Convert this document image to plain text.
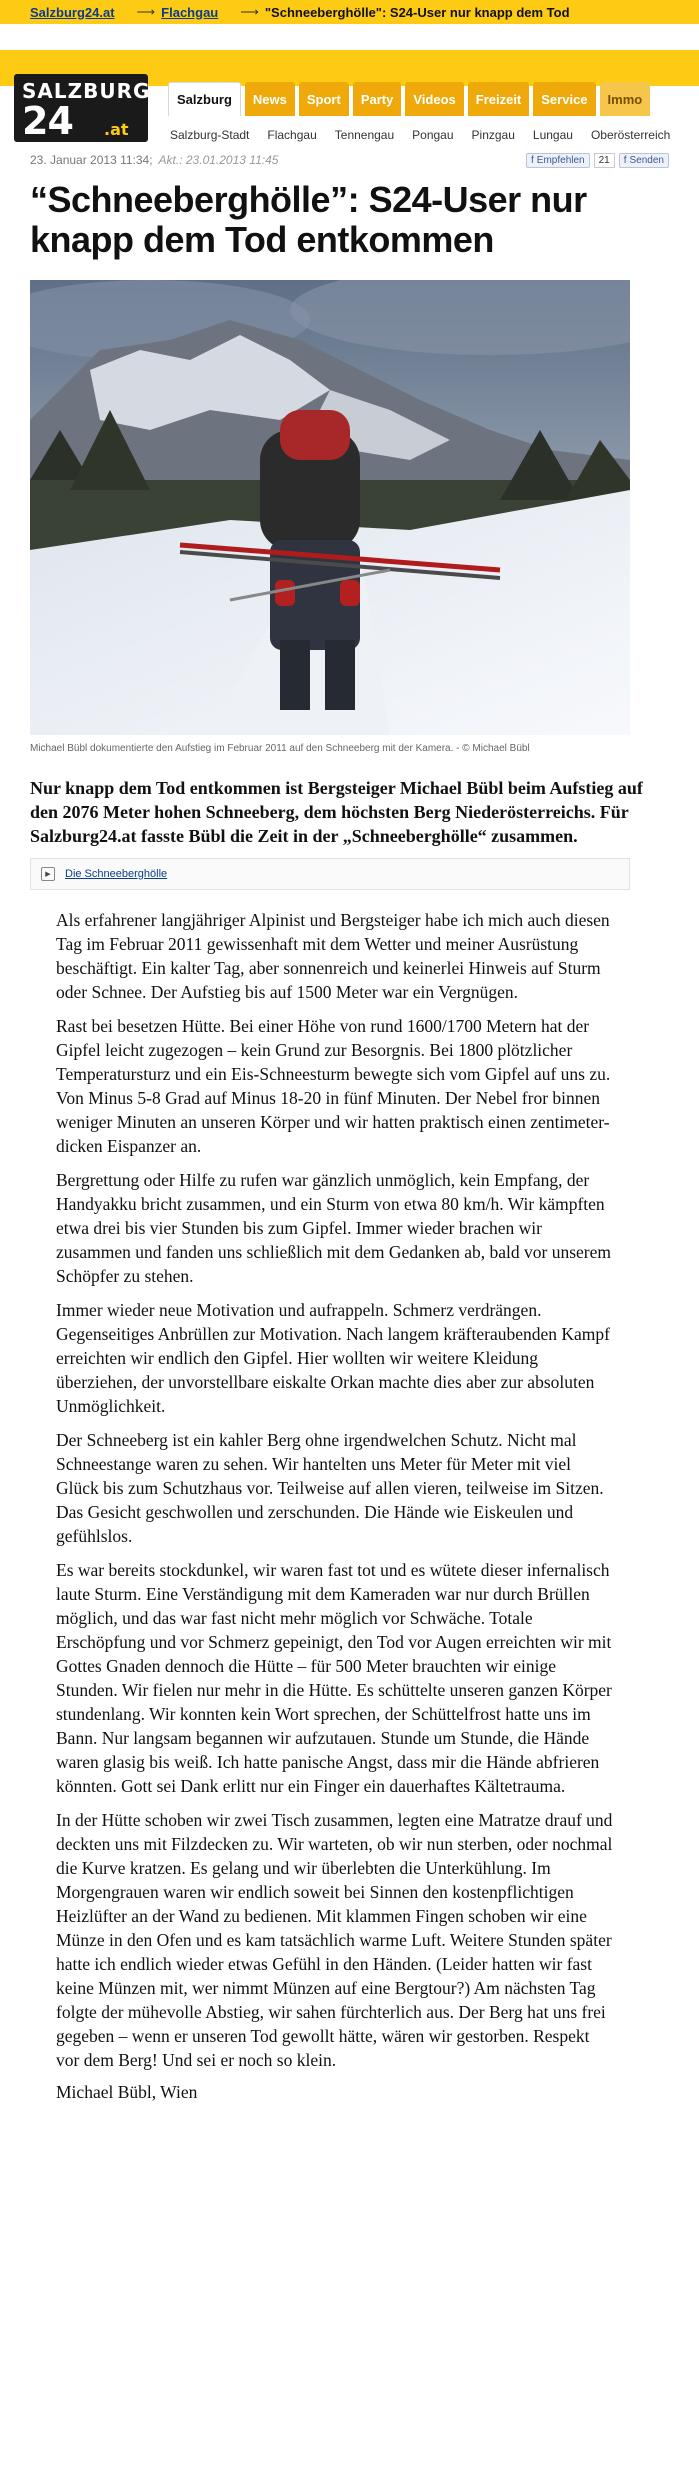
Salzburg24.at ⟶ Flachgau ⟶ "Schneeberghölle": S24-User nur knapp dem Tod
SALZBURG
24 .at
Salzburg	News	Sport	Party	Videos	Freizeit	Service	Immo
Salzburg-Stadt Flachgau Tennengau Pongau Pinzgau Lungau Oberösterreich
23. Januar 2013 11:34; Akt.: 23.01.2013 11:45	f Empfehlen	21	f Senden
“Schneeberghölle”: S24-User nur knapp dem Tod entkommen
Michael Bübl dokumentierte den Aufstieg im Februar 2011 auf den Schneeberg mit der Kamera. - © Michael Bübl

Nur knapp dem Tod entkommen ist Bergsteiger Michael Bübl beim Aufstieg auf den 2076 Meter hohen Schneeberg, dem höchsten Berg Niederösterreichs. Für Salzburg24.at fasste Bübl die Zeit in der „Schneeberghölle“ zusammen.

▶	Die Schneeberghölle

Als erfahrener langjähriger Alpinist und Bergsteiger habe ich mich auch diesen Tag im Februar 2011 gewissenhaft mit dem Wetter und meiner Ausrüstung beschäftigt. Ein kalter Tag, aber sonnenreich und keinerlei Hinweis auf Sturm oder Schnee. Der Aufstieg bis auf 1500 Meter war ein Vergnügen.

Rast bei besetzen Hütte. Bei einer Höhe von rund 1600/1700 Metern hat der Gipfel leicht zugezogen – kein Grund zur Besorgnis. Bei 1800 plötzlicher Temperatursturz und ein Eis-Schneesturm bewegte sich vom Gipfel auf uns zu. Von Minus 5-8 Grad auf Minus 18-20 in fünf Minuten. Der Nebel fror binnen weniger Minuten an unseren Körper und wir hatten praktisch einen zentimeter-dicken Eispanzer an.

Bergrettung oder Hilfe zu rufen war gänzlich unmöglich, kein Empfang, der Handyakku bricht zusammen, und ein Sturm von etwa 80 km/h. Wir kämpften etwa drei bis vier Stunden bis zum Gipfel. Immer wieder brachen wir zusammen und fanden uns schließlich mit dem Gedanken ab, bald vor unserem Schöpfer zu stehen.

Immer wieder neue Motivation und aufrappeln. Schmerz verdrängen. Gegenseitiges Anbrüllen zur Motivation. Nach langem kräfteraubenden Kampf erreichten wir endlich den Gipfel. Hier wollten wir weitere Kleidung überziehen, der unvorstellbare eiskalte Orkan machte dies aber zur absoluten Unmöglichkeit.

Der Schneeberg ist ein kahler Berg ohne irgendwelchen Schutz. Nicht mal Schneestange waren zu sehen. Wir hantelten uns Meter für Meter mit viel Glück bis zum Schutzhaus vor. Teilweise auf allen vieren, teilweise im Sitzen. Das Gesicht geschwollen und zerschunden. Die Hände wie Eiskeulen und gefühlslos.

Es war bereits stockdunkel, wir waren fast tot und es wütete dieser infernalisch laute Sturm. Eine Verständigung mit dem Kameraden war nur durch Brüllen möglich, und das war fast nicht mehr möglich vor Schwäche. Totale Erschöpfung und vor Schmerz gepeinigt, den Tod vor Augen erreichten wir mit Gottes Gnaden dennoch die Hütte – für 500 Meter brauchten wir einige Stunden. Wir fielen nur mehr in die Hütte. Es schüttelte unseren ganzen Körper stundenlang. Wir konnten kein Wort sprechen, der Schüttelfrost hatte uns im Bann. Nur langsam begannen wir aufzutauen. Stunde um Stunde, die Hände waren glasig bis weiß. Ich hatte panische Angst, dass mir die Hände abfrieren könnten. Gott sei Dank erlitt nur ein Finger ein dauerhaftes Kältetrauma.

In der Hütte schoben wir zwei Tisch zusammen, legten eine Matratze drauf und deckten uns mit Filzdecken zu. Wir warteten, ob wir nun sterben, oder nochmal die Kurve kratzen. Es gelang und wir überlebten die Unterkühlung. Im Morgengrauen waren wir endlich soweit bei Sinnen den kostenpflichtigen Heizlüfter an der Wand zu bedienen. Mit klammen Fingen schoben wir eine Münze in den Ofen und es kam tatsächlich warme Luft. Weitere Stunden später hatte ich endlich wieder etwas Gefühl in den Händen. (Leider hatten wir fast keine Münzen mit, wer nimmt Münzen auf eine Bergtour?) Am nächsten Tag folgte der mühevolle Abstieg, wir sahen fürchterlich aus. Der Berg hat uns frei gegeben – wenn er unseren Tod gewollt hätte, wären wir gestorben. Respekt vor dem Berg! Und sei er noch so klein.

Michael Bübl, Wien
